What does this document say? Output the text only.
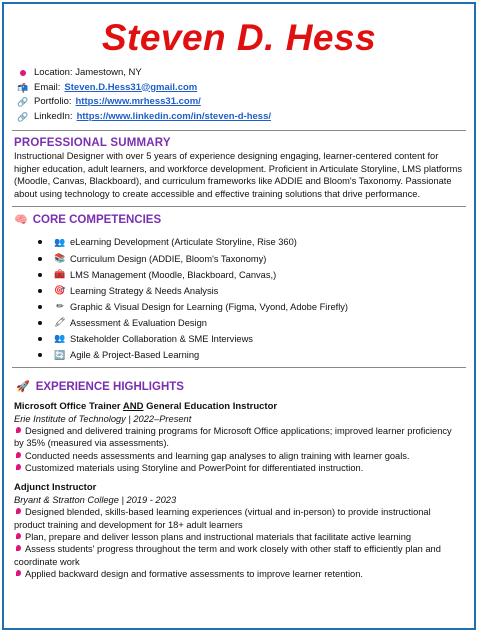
Steven D. Hess
Location:
Jamestown, NY
📬 Email: Steven.D.Hess31@gmail.com
🔗 Portfolio: https://www.mrhess31.com/
🔗 LinkedIn: https://www.linkedin.com/in/steven-d-hess/
PROFESSIONAL SUMMARY
Instructional Designer with over 5 years of experience designing engaging, learner-centered content for higher education, adult learners, and workforce development. Proficient in Articulate Storyline, LMS platforms (Moodle, Canvas, Blackboard), and curriculum frameworks like ADDIE and Bloom's Taxonomy. Passionate about using technology to create accessible and effective training solutions that drive performance.
🧠 CORE COMPETENCIES
👥 eLearning Development (Articulate Storyline, Rise 360)
📚 Curriculum Design (ADDIE, Bloom's Taxonomy)
🧰 LMS Management (Moodle, Blackboard, Canvas,)
🎯 Learning Strategy & Needs Analysis
✏ Graphic & Visual Design for Learning (Figma, Vyond, Adobe Firefly)
🖍 Assessment & Evaluation Design
👥 Stakeholder Collaboration & SME Interviews
🔄 Agile & Project-Based Learning
🚀 EXPERIENCE HIGHLIGHTS
Microsoft Office Trainer AND General Education Instructor
Erie Institute of Technology | 2022–Present
Designed and delivered training programs for Microsoft Office applications; improved learner proficiency by 35% (measured via assessments).
Conducted needs assessments and learning gap analyses to align training with learner goals.
Customized materials using Storyline and PowerPoint for differentiated instruction.
Adjunct Instructor
Bryant & Stratton College | 2019 - 2023
Designed blended, skills-based learning experiences (virtual and in-person) to provide instructional product training and development for 18+ adult learners
Plan, prepare and deliver lesson plans and instructional materials that facilitate active learning
Assess students' progress throughout the term and work closely with other staff to efficiently plan and coordinate work
Applied backward design and formative assessments to improve learner retention.
